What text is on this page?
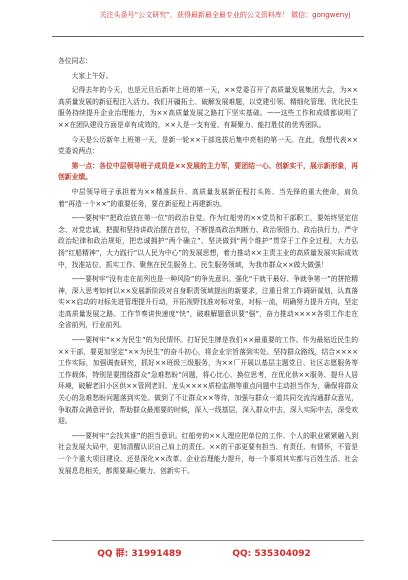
关注头条号“公文研究”，获得最新最全最专业的公文资料库！ 微信：gongwenyj

各位同志：

大家上午好。

记得去年的今天，也是元旦后新年上班的第一天，××党委召开了高质量发展集团大会，为××高质量发展的新征程注入活力。我们开疆拓土、破解发展难题，以党建引领、精细化管理、优化民生服务持续提升企业治理能力，为××高质量发展之路打下坚实基础。——这些工作和成绩都说明了××在团队建设方面是卓有成效的，××人是一支有爱、有凝聚力、能打胜仗的优秀团队。

今天是公历新年上班第一天，是新一轮××干部选拔后集中亮相的第一天。在此，我想代表××党委说两点：

第一点：各位中层领导班子成员是××发展的主力军，要团结一心、创新实干，展示新形象，再创新业绩。

中层领导班子承担着为××精准跃升、高质量发展新征程打头阵、当先锋的重大使命，肩负着“再造一个××”的重要任务，要在新征程上再建新功。

——要树牢“把政治放在第一位”的政治自觉。作为红船旁的××党员和干部职工，要始终坚定信念、对党忠诚，把握和坚持讲政治摆在首位，不断提高政治判断力、政治领悟力、政治执行力，严守政治纪律和政治规矩，把忠诚拥护“两个确立”、坚决做到“两个维护”贯穿于工作全过程，大力弘扬“红船精神”，大力践行“以人民为中心”的发展思想，着力推动××主责主业的高质量发展实际成效中，找准站位、抓实工作、聚焦在民生服务上、民生服务领域，为我市群众××做大做强！

——要树牢“没有走在前列也是一种风险”的争先意识。强化“干就干最好、争就争第一”的拼抢精神，深入思考如何以××发展新阶段对自身职责领域提出的新要求，注重日常工作调研谋划，认真落实××启动的对标先进管理提升行动，开拓视野找准对标对象，对标一流，明确努力提升方向，坚定走高质量发展之路。工作节奏讲快速度“快”，破难解题意识要“强”，奋力推动××××各项工作走在全省前列，行业前列。

——要树牢“××为民生”的为民情怀。打好民生牌是我们××最重要的工作。作为最贴近民生的××干部，要更加坚定“××为民生”的奋斗初心，将企业宗旨落到实处。坚持群众路线，结合××××工作实际，加强调查研究，抓好××班级三级服务，为××厂开展以基层主题党日、社区志愿服务等工作载体，特别是要围绕群众“急难愁盼”问题，将心比心、换位思考，在优化供××服务、提升人居环境，破解老旧小区供××管网老旧、龙头××××质检监测等重点问题中主动担当作为，确保将群众关心的急难愁盼问题落到实处。做到了不让群众××等待，加强与群众一道共同交流沟通群众意见，争取群众满意评价，帮助群众最需要的时候，深入一线基层，深入群众中去，深入实际中去，深受欢迎。

——要树牢“会找其谁”的担当意识。红船旁的××人理应把单位的工作、个人的职业紧紧融入到社会发展大局中，更加清醒认识自己肩上的责任。××的干部更要有担当、有责任、有情怀，不管是一个个重大项目建设、还是深化××改革、企业治理能力提升，每一个事项其实都与百姓生活、社会发展息息相关，都需要凝心聚力、创新实干。

QQ 群: 31991489	QQ: 535304092
